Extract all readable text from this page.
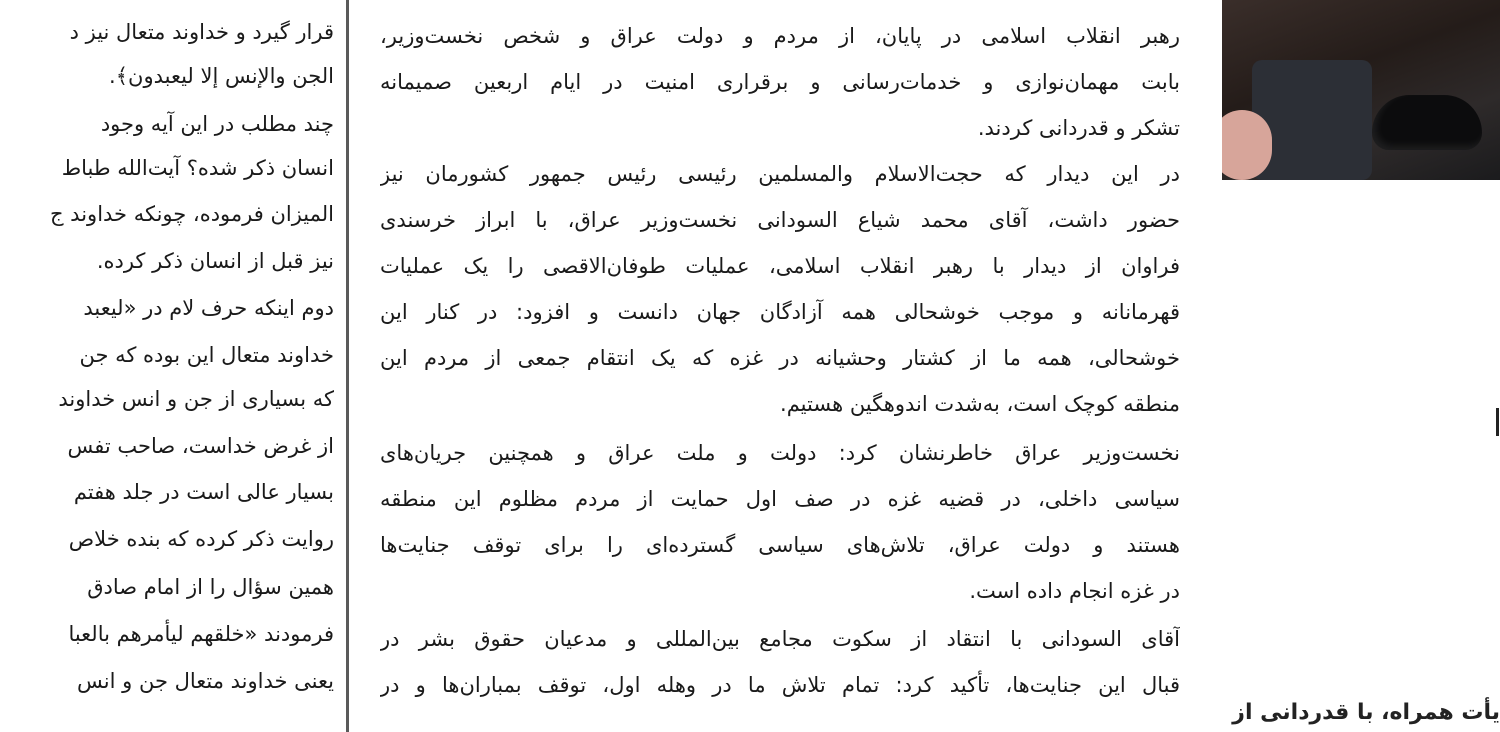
قرار گیرد و خداوند متعال نیز د
الجن والإنس إلا لیعبدون﴾.
چند مطلب در این آیه وجود
انسان ذکر شده؟ آیت‌الله طباط
المیزان فرموده، چونکه خداوند ج
نیز قبل از انسان ذکر کرده.
دوم اینکه حرف لام در «لیعبد
خداوند متعال این بوده که جن
که بسیاری از جن و انس خداوند
از غرض خداست، صاحب تفس
بسیار عالی است در جلد هفتم
روایت ذکر کرده که بنده خلاص
همین سؤال را از امام صادق
فرمودند «خلقهم لیأمرهم بالعبا
یعنی خداوند متعال جن و انس
رهبر انقلاب اسلامی در پایان، از مردم و دولت عراق و شخص نخست‌وزیر،
بابت مهمان‌نوازی و خدمات‌رسانی و برقراری امنیت در ایام اربعین صمیمانه
تشکر و قدردانی کردند.
در این دیدار که حجت‌الاسلام والمسلمین رئیسی رئیس جمهور کشورمان نیز
حضور داشت، آقای محمد شیاع السودانی نخست‌وزیر عراق، با ابراز خرسندی
فراوان از دیدار با رهبر انقلاب اسلامی، عملیات طوفان‌الاقصی را یک عملیات
قهرمانانه و موجب خوشحالی همه آزادگان جهان دانست و افزود: در کنار این
خوشحالی، همه ما از کشتار وحشیانه در غزه که یک انتقام جمعی از مردم این
منطقه کوچک است، به‌شدت اندوهگین هستیم.
نخست‌وزیر عراق خاطرنشان کرد: دولت و ملت عراق و همچنین جریان‌های
سیاسی داخلی، در قضیه غزه در صف اول حمایت از مردم مظلوم این منطقه
هستند و دولت عراق، تلاش‌های سیاسی گسترده‌ای را برای توقف جنایت‌ها
در غزه انجام داده است.
آقای السودانی با انتقاد از سکوت مجامع بین‌المللی و مدعیان حقوق بشر در
قبال این جنایت‌ها، تأکید کرد: تمام تلاش ما در وهله اول، توقف بمباران‌ها و در
یأت همراه، با قدردانی از
